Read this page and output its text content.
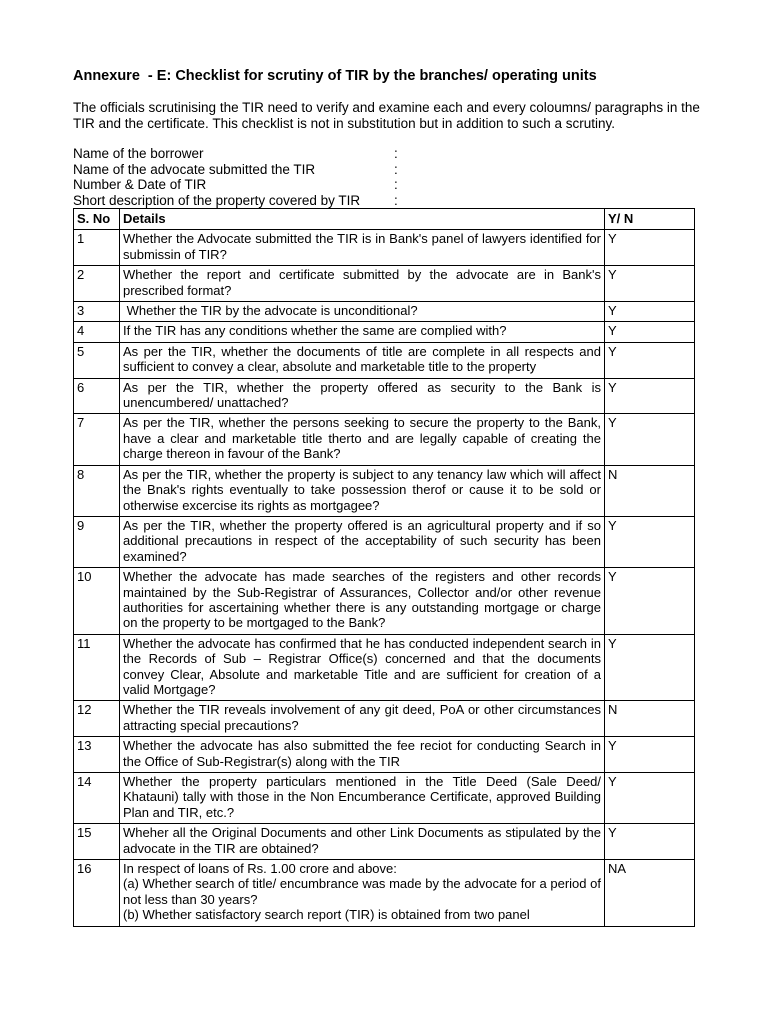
Annexure  - E: Checklist for scrutiny of TIR by the branches/ operating units
The officials scrutinising the TIR need to verify and examine each and every coloumns/ paragraphs in the TIR and the certificate. This checklist is not in substitution but in addition to such a scrutiny.
Name of the borrower	:
Name of the advocate submitted the TIR	:
Number & Date of TIR	:
Short description of the property covered by TIR	:
S. No	Details	Y/ N
1	Whether the Advocate submitted the TIR is in Bank's panel of lawyers identified for submissin of TIR?	Y
2	Whether the report and certificate submitted by the advocate are in Bank's prescribed format?	Y
3	Whether the TIR by the advocate is unconditional?	Y
4	If the TIR has any conditions whether the same are complied with?	Y
5	As per the TIR, whether the documents of title are complete in all respects and sufficient to convey a clear, absolute and marketable title to the property	Y
6	As per the TIR, whether the property offered as security to the Bank is unencumbered/ unattached?	Y
7	As per the TIR, whether the persons seeking to secure the property to the Bank, have a clear and marketable title therto and are legally capable of creating the charge thereon in favour of the Bank?	Y
8	As per the TIR, whether the property is subject to any tenancy law which will affect the Bnak's rights eventually to take possession therof or cause it to be sold or otherwise excercise its rights as mortgagee?	N
9	As per the TIR, whether the property offered is an agricultural property and if so additional precautions in respect of the acceptability of such security has been examined?	Y
10	Whether the advocate has made searches of the registers and other records maintained by the Sub-Registrar of Assurances, Collector and/or other revenue authorities for ascertaining whether there is any outstanding mortgage or charge on the property to be mortgaged to the Bank?	Y
11	Whether the advocate has confirmed that he has conducted independent search in the Records of Sub – Registrar Office(s) concerned and that the documents convey Clear, Absolute and marketable Title and are sufficient for creation of a valid Mortgage?	Y
12	Whether the TIR reveals involvement of any git deed, PoA or other circumstances attracting special precautions?	N
13	Whether the advocate has also submitted the fee reciot for conducting Search in the Office of Sub-Registrar(s) along with the TIR	Y
14	Whether the property particulars mentioned in the Title Deed (Sale Deed/ Khatauni) tally with those in the Non Encumberance Certificate, approved Building Plan and TIR, etc.?	Y
15	Wheher all the Original Documents and other Link Documents as stipulated by the advocate in the TIR are obtained?	Y
16	In respect of loans of Rs. 1.00 crore and above:
(a) Whether search of title/ encumbrance was made by the advocate for a period of not less than 30 years?
(b) Whether satisfactory search report (TIR) is obtained from two panel	NA
